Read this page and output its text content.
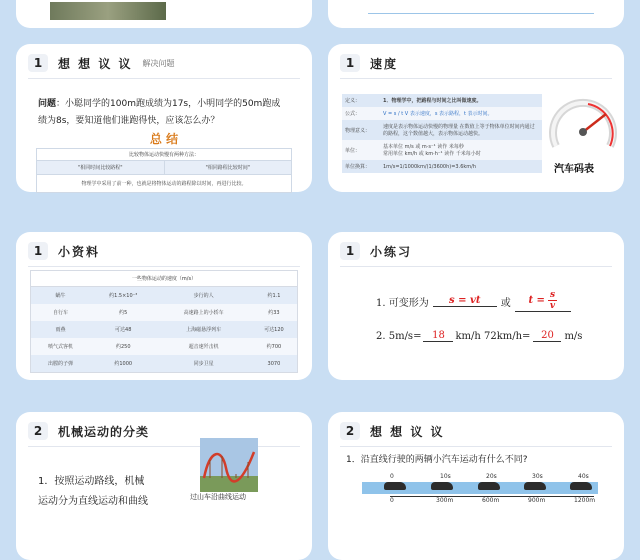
1	想 想 议 议 解决问题
问题：小聪同学的100m跑成绩为17s，小明同学的50m跑成绩为8s，要知道他们谁跑得快，应该怎么办？
总 结
比较物体运动快慢有两种方法：
"相同时间比较路程"	"相同路程比较时间"
物理学中采用了前一种，也就是将物体运动的路程除以时间，再进行比较。
1	速度
定义：	1．物理学中，把路程与时间之比叫做速度。
公式：	V = s / t V 表示速度，s 表示路程，t 表示时间。
物理意义：	速度是表示物体运动快慢的物理量 在数值上等于物体单位时间内通过的路程，这个数值越大，表示物体运动越快。
单位：	基本单位 m/s 或 m·s⁻¹ 读作 米每秒
常用单位 km/h 或 km·h⁻¹ 读作 千米每小时
单位换算：	1m/s=1/1000km/(1/3600h)=3.6km/h	汽车码表
1	小资料
一些物体运动的速度（m/s）
蜗牛	约1.5×10⁻³	步行的人	约1.1
自行车	约5	高速路上的小轿车	约33
雨燕	可达48	上海磁悬浮列车	可达120
喷气式客机	约250	超音速歼击机	约700
出膛的子弹	约1000	同步卫星	3070
1	小练习
1. 可变形为	s = vt	或 $t = \frac{s}{v}$
2. 5m/s=	18	km/h 72km/h=	20	m/s
2	机械运动的分类
1．按照运动路线，机械
运动分为直线运动和曲线	过山车沿曲线运动
2	想 想 议 议
1．沿直线行驶的两辆小汽车运动有什么不同?
0	10s	20s	30s	40s
0	300m	600m	900m	1200m
